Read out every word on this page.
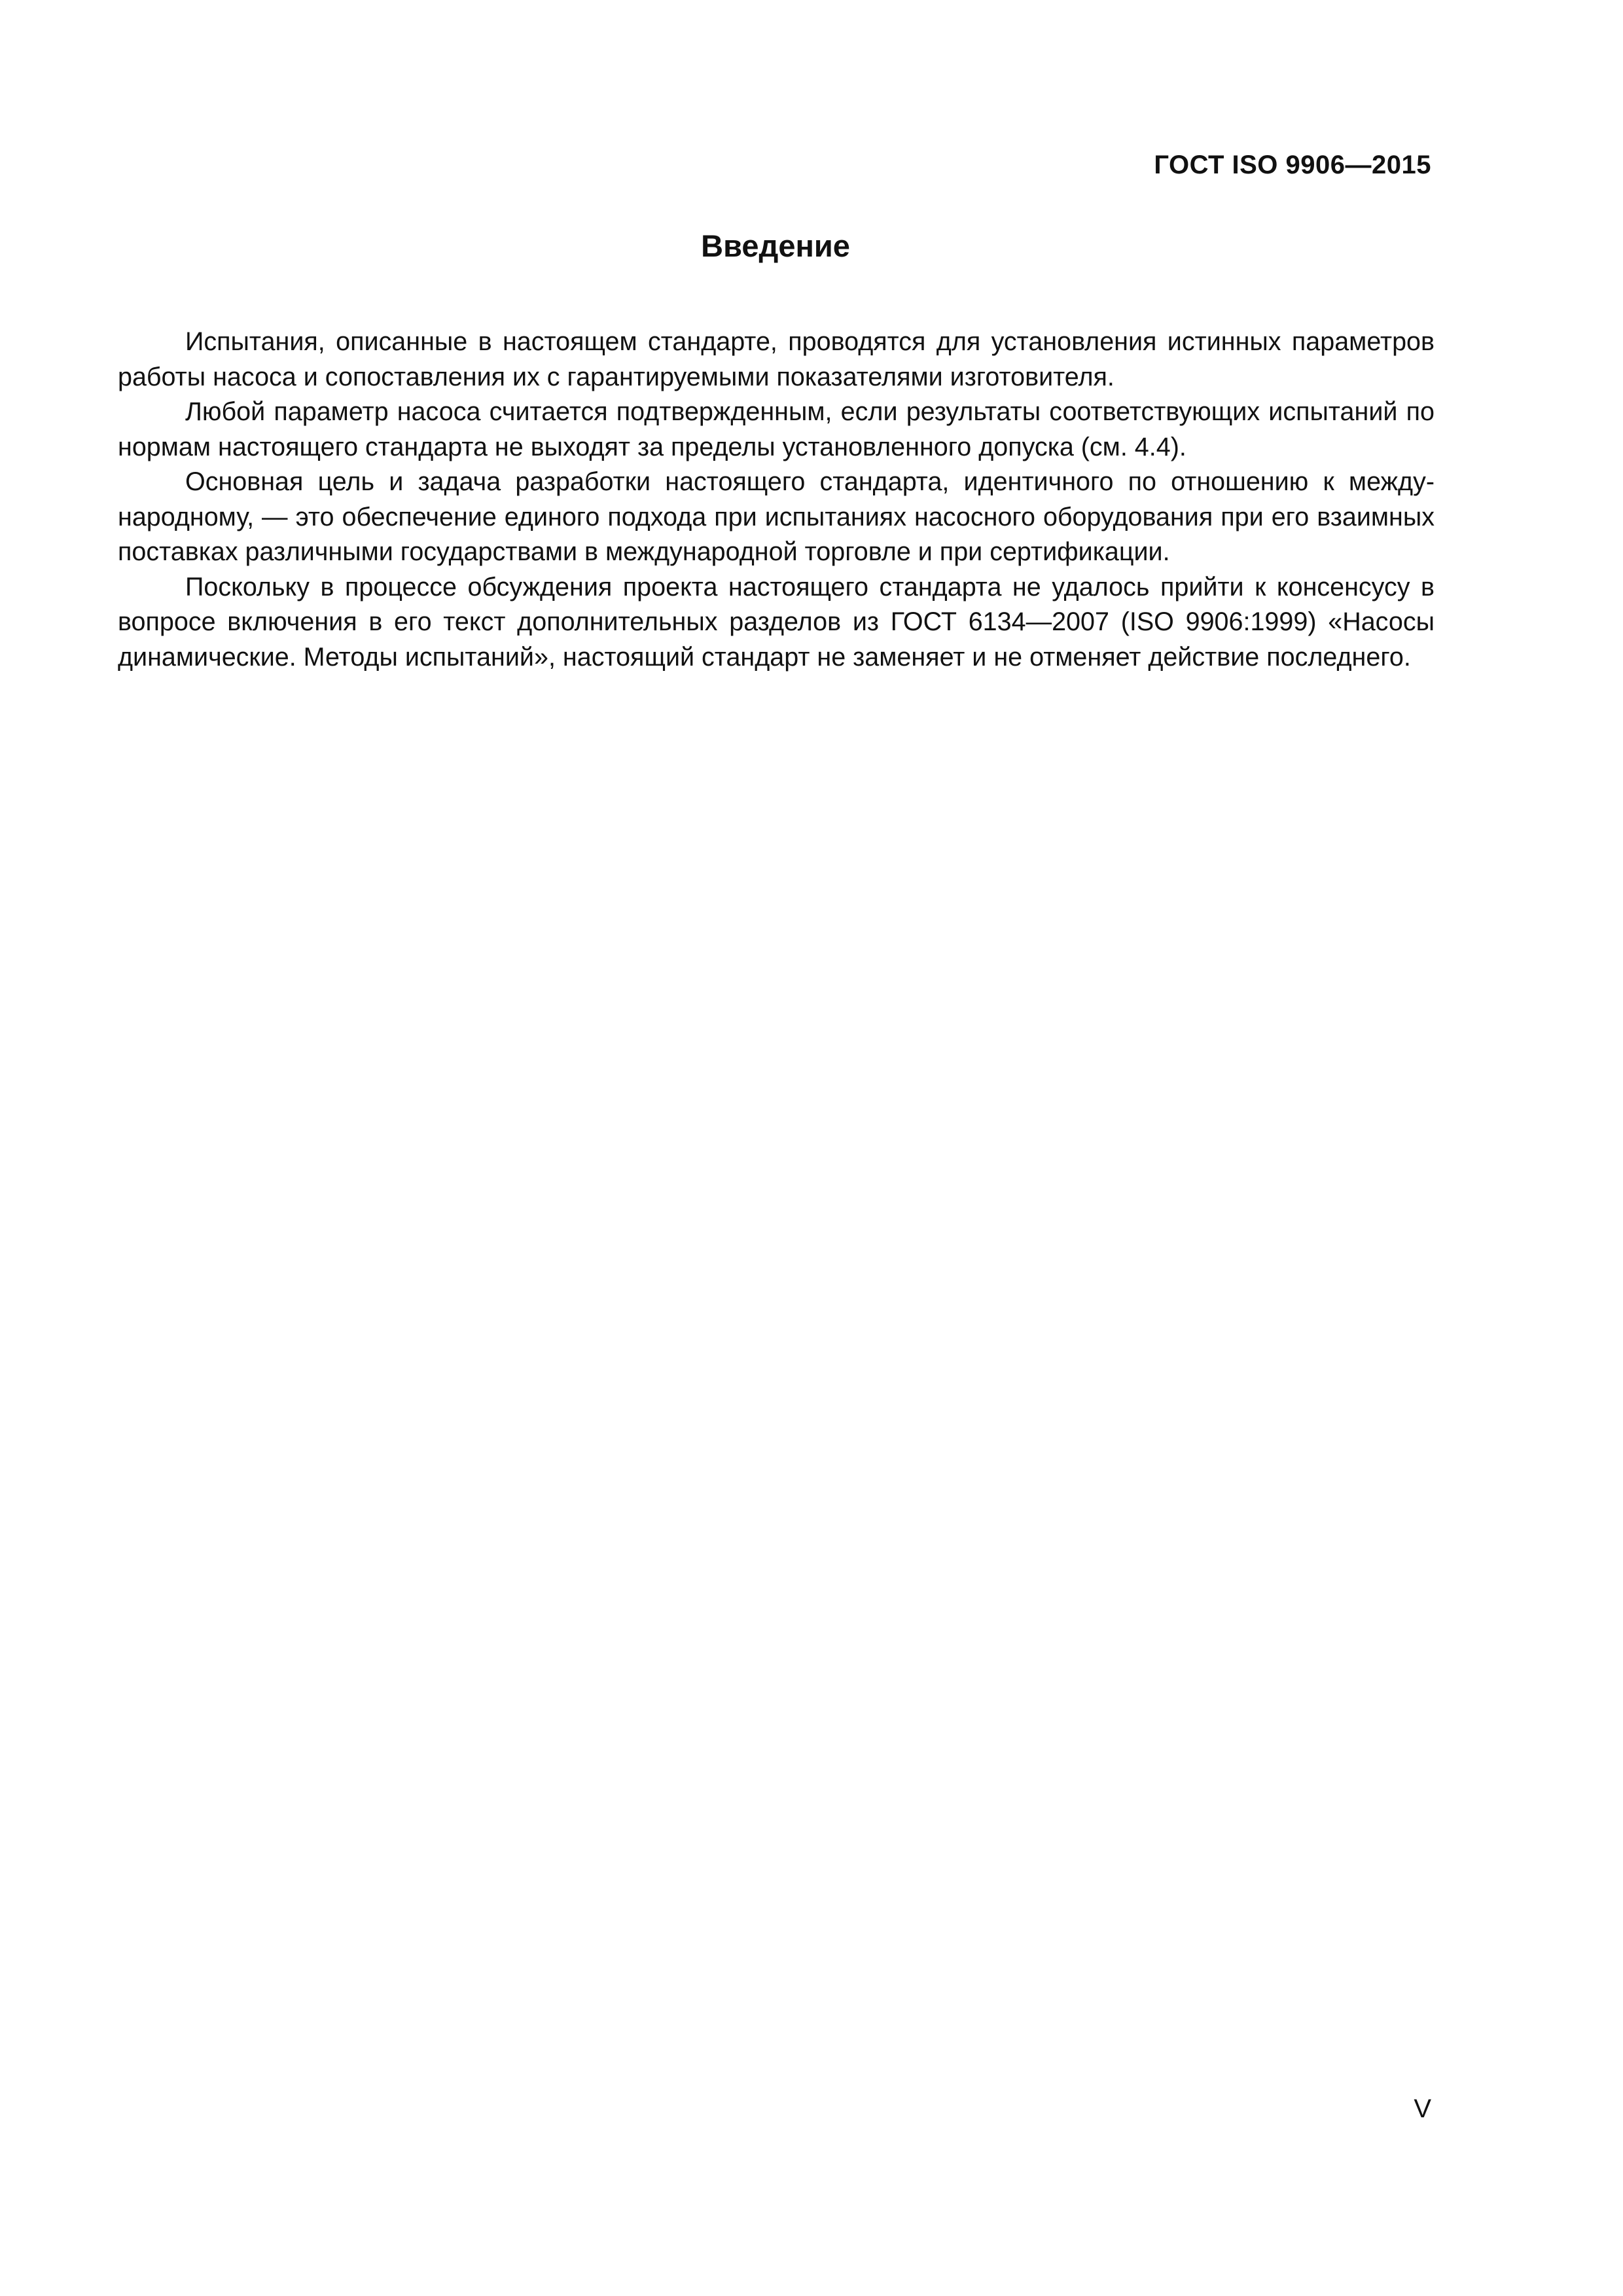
ГОСТ ISO 9906—2015
Введение

Испытания, описанные в настоящем стандарте, проводятся для установления истинных параметров работы насоса и сопоставления их с гарантируемыми показателями изготовителя.

Любой параметр насоса считается подтвержденным, если результаты соответствующих испытаний по нормам настоящего стандарта не выходят за пределы установленного допуска (см. 4.4).

Основная цель и задача разработки настоящего стандарта, идентичного по отношению к международному, — это обеспечение единого подхода при испытаниях насосного оборудования при его взаимных поставках различными государствами в международной торговле и при сертификации.

Поскольку в процессе обсуждения проекта настоящего стандарта не удалось прийти к консенсусу в вопросе включения в его текст дополнительных разделов из ГОСТ 6134—2007 (ISO 9906:1999) «Насосы динамические. Методы испытаний», настоящий стандарт не заменяет и не отменяет действие последнего.

V
